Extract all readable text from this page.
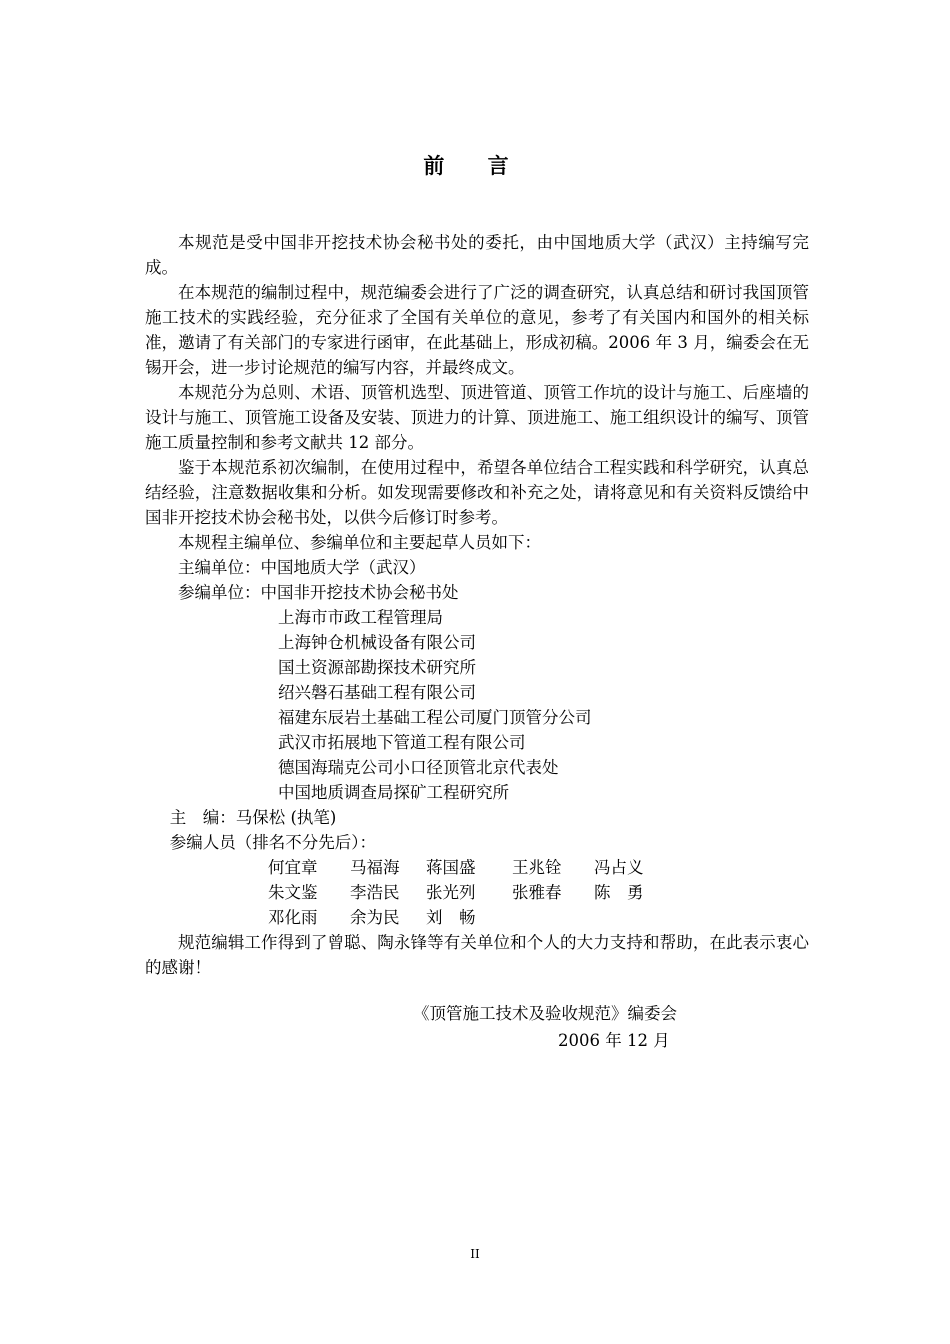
前 言

本规范是受中国非开挖技术协会秘书处的委托，由中国地质大学（武汉）主持编写完成。

在本规范的编制过程中，规范编委会进行了广泛的调查研究，认真总结和研讨我国顶管施工技术的实践经验，充分征求了全国有关单位的意见，参考了有关国内和国外的相关标准，邀请了有关部门的专家进行函审，在此基础上，形成初稿。2006 年 3 月，编委会在无锡开会，进一步讨论规范的编写内容，并最终成文。

本规范分为总则、术语、顶管机选型、顶进管道、顶管工作坑的设计与施工、后座墙的设计与施工、顶管施工设备及安装、顶进力的计算、顶进施工、施工组织设计的编写、顶管施工质量控制和参考文献共 12 部分。

鉴于本规范系初次编制，在使用过程中，希望各单位结合工程实践和科学研究，认真总结经验，注意数据收集和分析。如发现需要修改和补充之处，请将意见和有关资料反馈给中国非开挖技术协会秘书处，以供今后修订时参考。

本规程主编单位、参编单位和主要起草人员如下：

主编单位：中国地质大学（武汉）

参编单位：中国非开挖技术协会秘书处

上海市市政工程管理局

上海钟仓机械设备有限公司

国土资源部勘探技术研究所

绍兴磐石基础工程有限公司

福建东辰岩土基础工程公司厦门顶管分公司

武汉市拓展地下管道工程有限公司

德国海瑞克公司小口径顶管北京代表处

中国地质调查局探矿工程研究所

主　编：马保松 (执笔)

参编人员（排名不分先后）：

何宜章 马福海 蒋国盛 王兆铨 冯占义

朱文鉴 李浩民 张光列 张雅春 陈　勇

邓化雨 余为民 刘　畅

规范编辑工作得到了曾聪、陶永锋等有关单位和个人的大力支持和帮助，在此表示衷心的感谢！

《顶管施工技术及验收规范》编委会
2006 年 12 月
II
